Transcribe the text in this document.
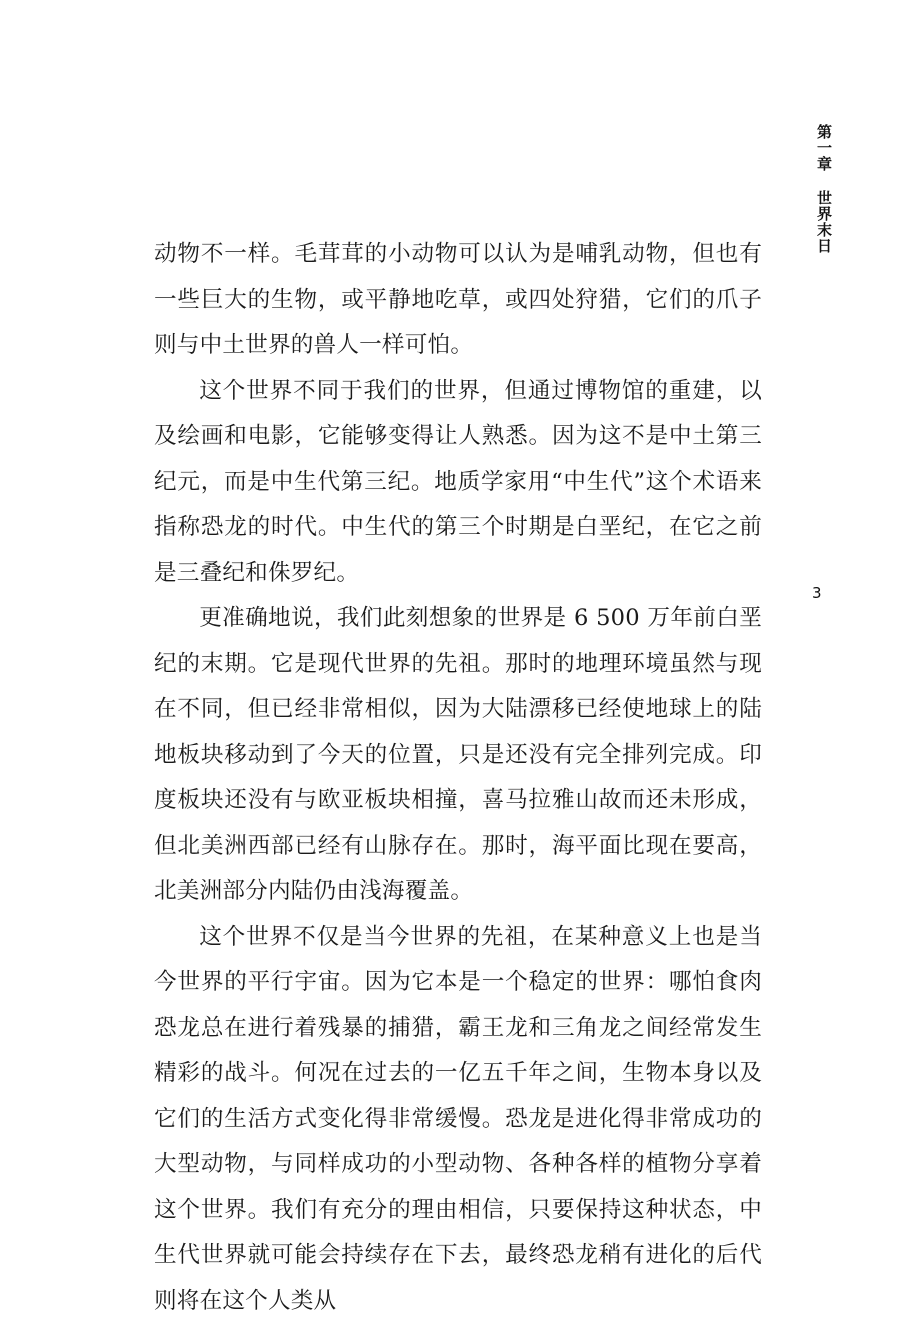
第一章世界末日
3

动物不一样。毛茸茸的小动物可以认为是哺乳动物，但也有一些巨大的生物，或平静地吃草，或四处狩猎，它们的爪子则与中土世界的兽人一样可怕。

这个世界不同于我们的世界，但通过博物馆的重建，以及绘画和电影，它能够变得让人熟悉。因为这不是中土第三纪元，而是中生代第三纪。地质学家用“中生代”这个术语来指称恐龙的时代。中生代的第三个时期是白垩纪，在它之前是三叠纪和侏罗纪。

更准确地说，我们此刻想象的世界是 6 500 万年前白垩纪的末期。它是现代世界的先祖。那时的地理环境虽然与现在不同，但已经非常相似，因为大陆漂移已经使地球上的陆地板块移动到了今天的位置，只是还没有完全排列完成。印度板块还没有与欧亚板块相撞，喜马拉雅山故而还未形成，但北美洲西部已经有山脉存在。那时，海平面比现在要高，北美洲部分内陆仍由浅海覆盖。

这个世界不仅是当今世界的先祖，在某种意义上也是当今世界的平行宇宙。因为它本是一个稳定的世界：哪怕食肉恐龙总在进行着残暴的捕猎，霸王龙和三角龙之间经常发生精彩的战斗。何况在过去的一亿五千年之间，生物本身以及它们的生活方式变化得非常缓慢。恐龙是进化得非常成功的大型动物，与同样成功的小型动物、各种各样的植物分享着这个世界。我们有充分的理由相信，只要保持这种状态，中生代世界就可能会持续存在下去，最终恐龙稍有进化的后代则将在这个人类从
